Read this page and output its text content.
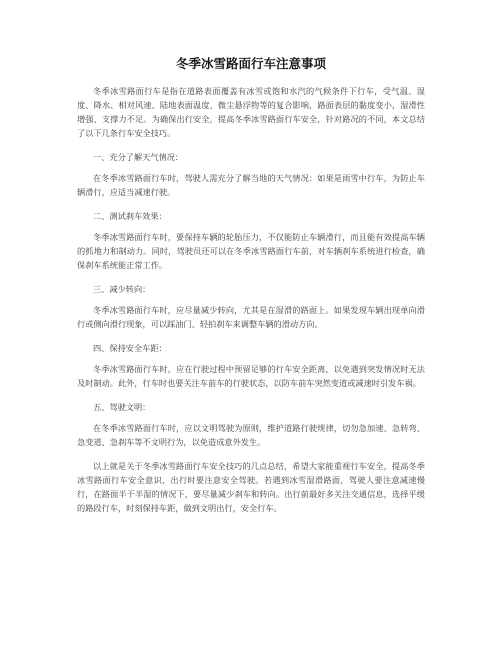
冬季冰雪路面行车注意事项

冬季冰雪路面行车是指在道路表面覆盖有冰雪或饱和水汽的气候条件下行车，受气温、湿度、降水、相对风速、陆地表面温度、微尘悬浮物等的复合影响，路面表层的黏度变小，湿滑性增强、支撑力不足。为确保出行安全，提高冬季冰雪路面行车安全，针对路况的不同，本文总结了以下几条行车安全技巧。

一、充分了解天气情况：

在冬季冰雪路面行车时，驾驶人需充分了解当地的天气情况：如果是雨雪中行车，为防止车辆滑行，应适当减速行驶。

二、测试刹车效果：

冬季冰雪路面行车时，要保持车辆的轮胎压力，不仅能防止车辆滑行，而且能有效提高车辆的抓地力和制动力。同时，驾驶员还可以在冬季冰雪路面行车前，对车辆刹车系统进行检查，确保刹车系统能正常工作。

三、减少转向：

冬季冰雪路面行车时，应尽量减少转向，尤其是在湿滑的路面上。如果发现车辆出现单向滑行或侧向滑行现象，可以踩油门、轻拍刹车来调整车辆的滑动方向。

四、保持安全车距：

冬季冰雪路面行车时，应在行驶过程中预留足够的行车安全距离，以免遇到突发情况时无法及时制动。此外，行车时也要关注车前车的行驶状态，以防车前车突然变道或减速时引发车祸。

五、驾驶文明：

在冬季冰雪路面行车时，应以文明驾驶为原则，维护道路行驶规律，切勿急加速、急转弯、急变道、急刹车等不文明行为，以免造成意外发生。

以上就是关于冬季冰雪路面行车安全技巧的几点总结，希望大家能重视行车安全，提高冬季冰雪路面行车安全意识，出行时要注意安全驾驶。若遇到冰雪湿滑路面，驾驶人要注意减速慢行，在路面半干半湿的情况下，要尽量减少刹车和转向。出行前最好多关注交通信息，选择平缓的路段行车，时刻保持车距，做到文明出行，安全行车。
